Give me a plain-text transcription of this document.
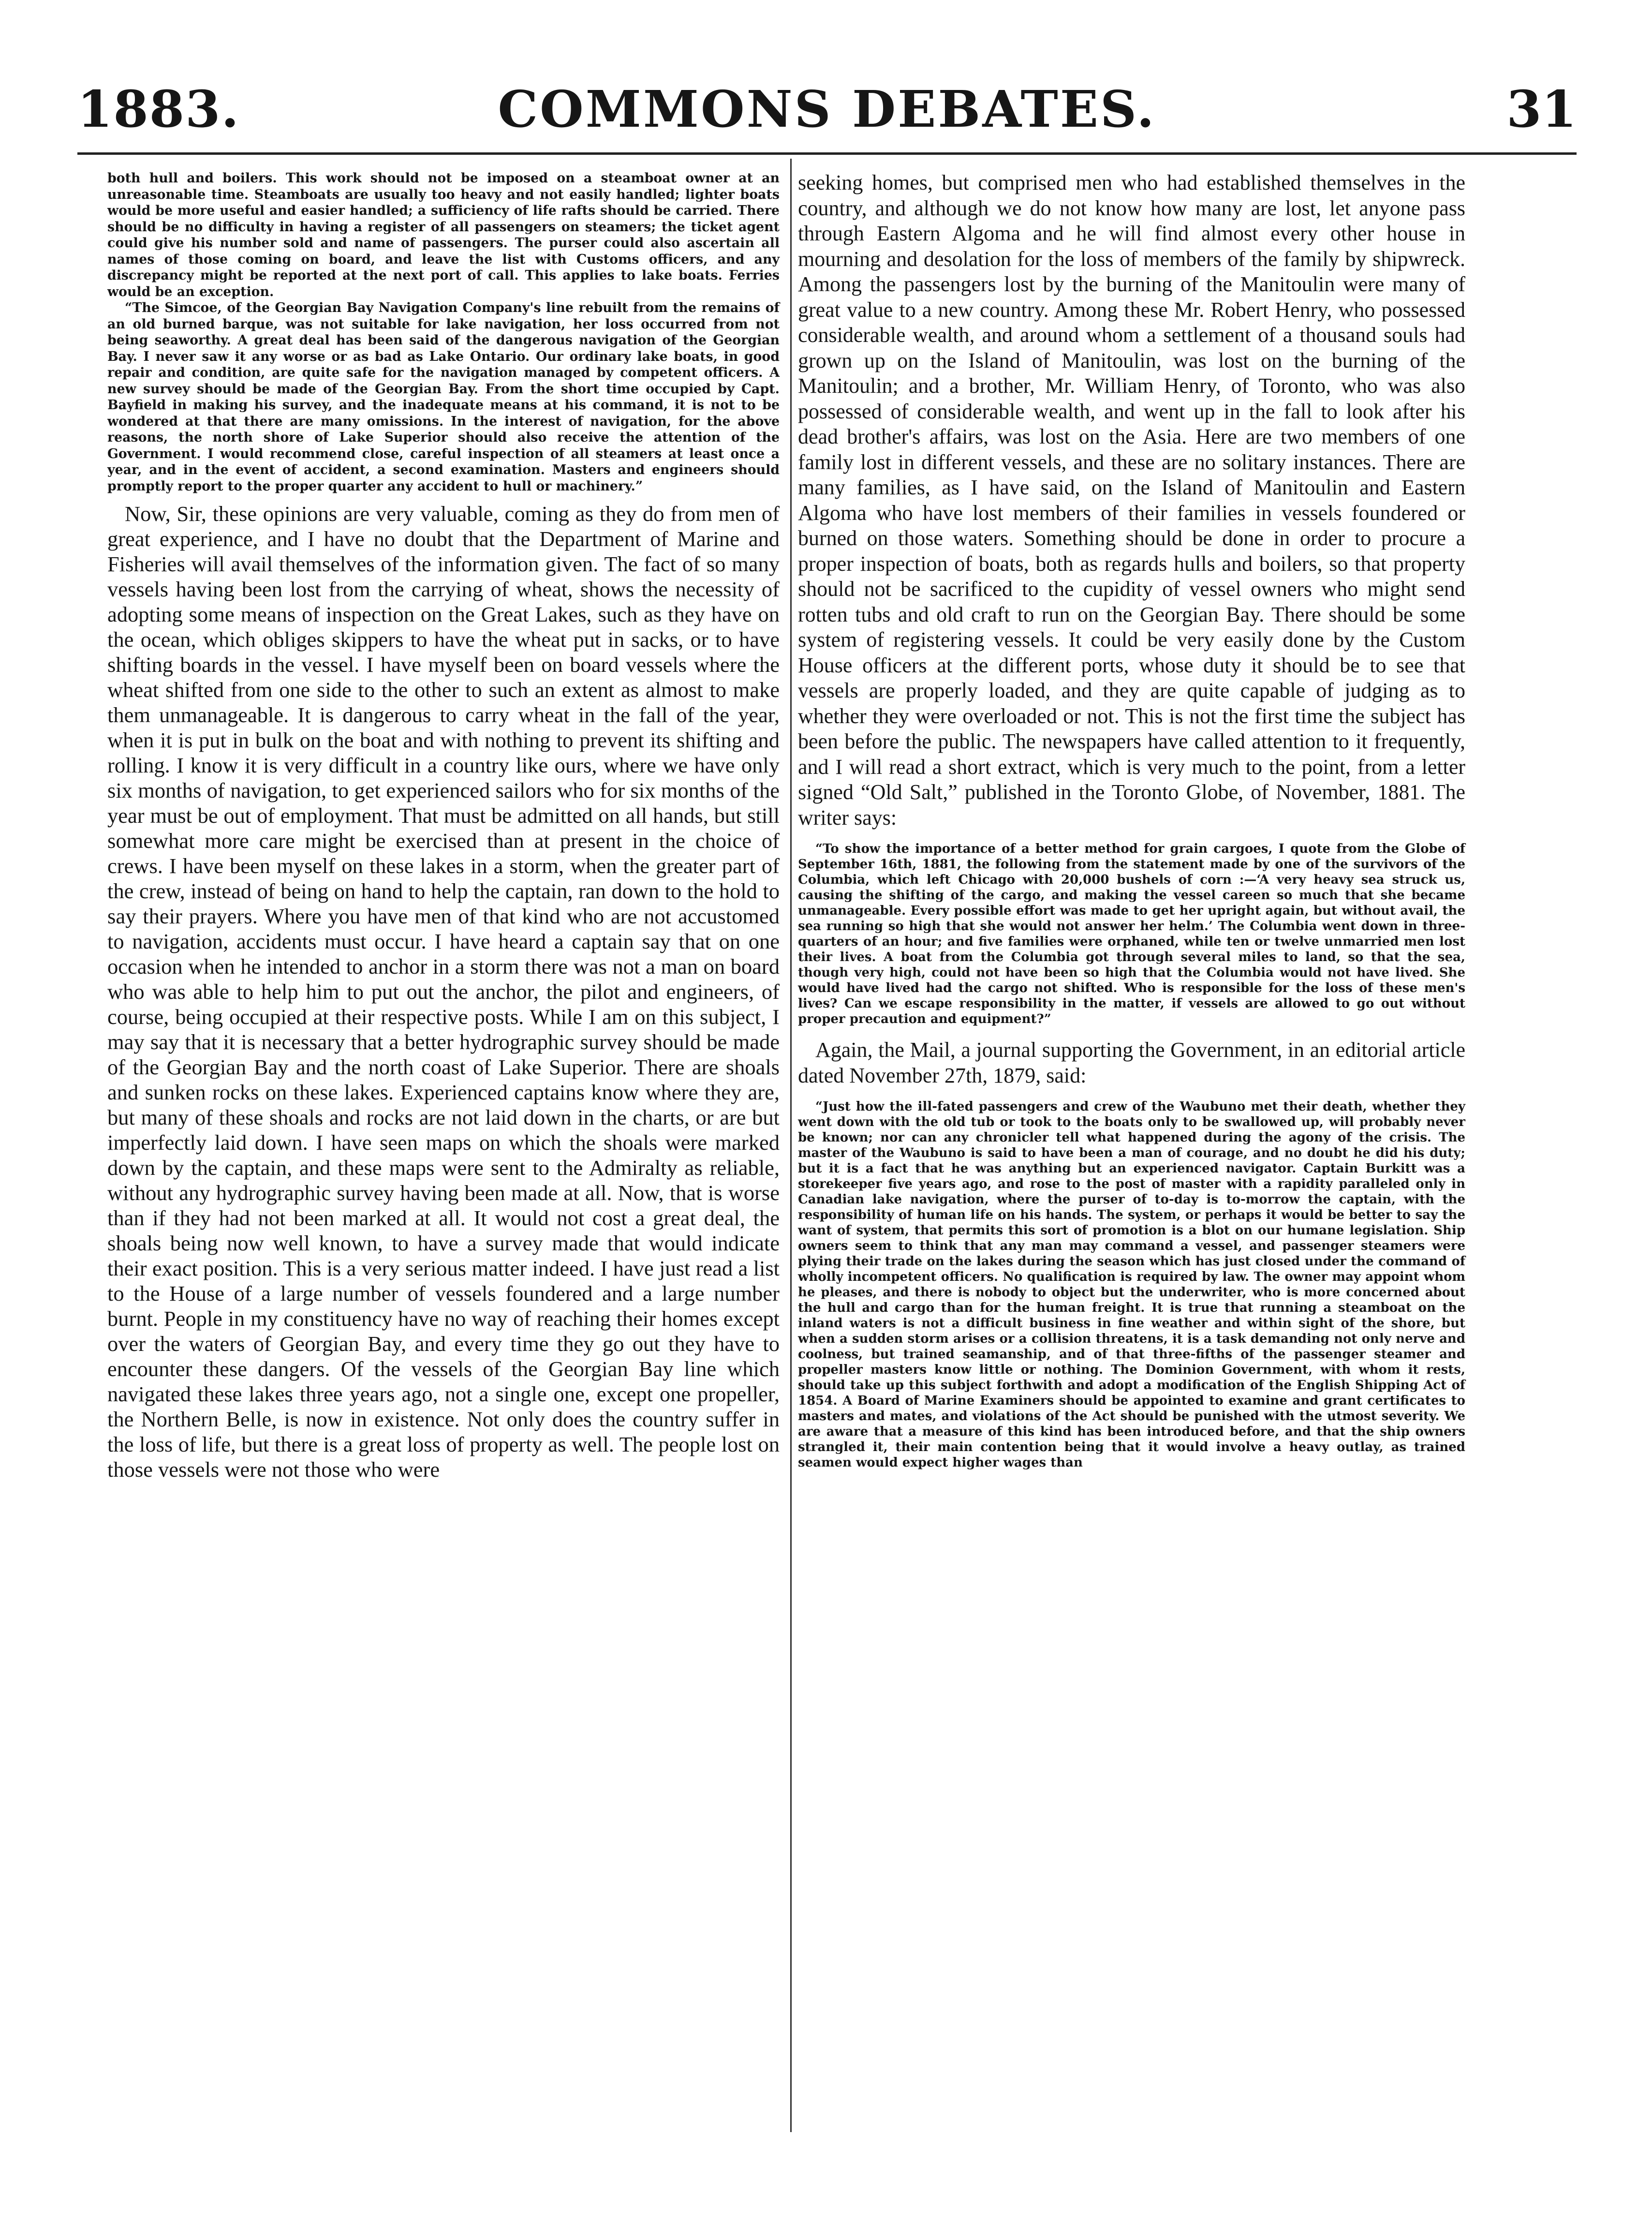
1883.	COMMONS DEBATES.	31

both hull and boilers. This work should not be imposed on a steamboat owner at an unreasonable time. Steamboats are usually too heavy and not easily handled; lighter boats would be more useful and easier handled; a sufficiency of life rafts should be carried. There should be no difficulty in having a register of all passengers on steamers; the ticket agent could give his number sold and name of passengers. The purser could also ascertain all names of those coming on board, and leave the list with Customs officers, and any discrepancy might be reported at the next port of call. This applies to lake boats. Ferries would be an exception.

“The Simcoe, of the Georgian Bay Navigation Company's line rebuilt from the remains of an old burned barque, was not suitable for lake navigation, her loss occurred from not being seaworthy. A great deal has been said of the dangerous navigation of the Georgian Bay. I never saw it any worse or as bad as Lake Ontario. Our ordinary lake boats, in good repair and condition, are quite safe for the navigation managed by competent officers. A new survey should be made of the Georgian Bay. From the short time occupied by Capt. Bayfield in making his survey, and the inadequate means at his command, it is not to be wondered at that there are many omissions. In the interest of navigation, for the above reasons, the north shore of Lake Superior should also receive the attention of the Government. I would recommend close, careful inspection of all steamers at least once a year, and in the event of accident, a second examination. Masters and engineers should promptly report to the proper quarter any accident to hull or machinery.”

Now, Sir, these opinions are very valuable, coming as they do from men of great experience, and I have no doubt that the Department of Marine and Fisheries will avail themselves of the information given. The fact of so many vessels having been lost from the carrying of wheat, shows the necessity of adopting some means of inspection on the Great Lakes, such as they have on the ocean, which obliges skippers to have the wheat put in sacks, or to have shifting boards in the vessel. I have myself been on board vessels where the wheat shifted from one side to the other to such an extent as almost to make them unmanageable. It is dangerous to carry wheat in the fall of the year, when it is put in bulk on the boat and with nothing to prevent its shifting and rolling. I know it is very difficult in a country like ours, where we have only six months of navigation, to get experienced sailors who for six months of the year must be out of employment. That must be admitted on all hands, but still somewhat more care might be exercised than at present in the choice of crews. I have been myself on these lakes in a storm, when the greater part of the crew, instead of being on hand to help the captain, ran down to the hold to say their prayers. Where you have men of that kind who are not accustomed to navigation, accidents must occur. I have heard a captain say that on one occasion when he intended to anchor in a storm there was not a man on board who was able to help him to put out the anchor, the pilot and engineers, of course, being occupied at their respective posts. While I am on this subject, I may say that it is necessary that a better hydrographic survey should be made of the Georgian Bay and the north coast of Lake Superior. There are shoals and sunken rocks on these lakes. Experienced captains know where they are, but many of these shoals and rocks are not laid down in the charts, or are but imperfectly laid down. I have seen maps on which the shoals were marked down by the captain, and these maps were sent to the Admiralty as reliable, without any hydrographic survey having been made at all. Now, that is worse than if they had not been marked at all. It would not cost a great deal, the shoals being now well known, to have a survey made that would indicate their exact position. This is a very serious matter indeed. I have just read a list to the House of a large number of vessels foundered and a large number burnt. People in my constituency have no way of reaching their homes except over the waters of Georgian Bay, and every time they go out they have to encounter these dangers. Of the vessels of the Georgian Bay line which navigated these lakes three years ago, not a single one, except one propeller, the Northern Belle, is now in existence. Not only does the country suffer in the loss of life, but there is a great loss of property as well. The people lost on those vessels were not those who were

seeking homes, but comprised men who had established themselves in the country, and although we do not know how many are lost, let anyone pass through Eastern Algoma and he will find almost every other house in mourning and desolation for the loss of members of the family by shipwreck. Among the passengers lost by the burning of the Manitoulin were many of great value to a new country. Among these Mr. Robert Henry, who possessed considerable wealth, and around whom a settlement of a thousand souls had grown up on the Island of Manitoulin, was lost on the burning of the Manitoulin; and a brother, Mr. William Henry, of Toronto, who was also possessed of considerable wealth, and went up in the fall to look after his dead brother's affairs, was lost on the Asia. Here are two members of one family lost in different vessels, and these are no solitary instances. There are many families, as I have said, on the Island of Manitoulin and Eastern Algoma who have lost members of their families in vessels foundered or burned on those waters. Something should be done in order to procure a proper inspection of boats, both as regards hulls and boilers, so that property should not be sacrificed to the cupidity of vessel owners who might send rotten tubs and old craft to run on the Georgian Bay. There should be some system of registering vessels. It could be very easily done by the Custom House officers at the different ports, whose duty it should be to see that vessels are properly loaded, and they are quite capable of judging as to whether they were overloaded or not. This is not the first time the subject has been before the public. The newspapers have called attention to it frequently, and I will read a short extract, which is very much to the point, from a letter signed “Old Salt,” published in the Toronto Globe, of November, 1881. The writer says:

“To show the importance of a better method for grain cargoes, I quote from the Globe of September 16th, 1881, the following from the statement made by one of the survivors of the Columbia, which left Chicago with 20,000 bushels of corn :—‘A very heavy sea struck us, causing the shifting of the cargo, and making the vessel careen so much that she became unmanageable. Every possible effort was made to get her upright again, but without avail, the sea running so high that she would not answer her helm.’ The Columbia went down in three-quarters of an hour; and five families were orphaned, while ten or twelve unmarried men lost their lives. A boat from the Columbia got through several miles to land, so that the sea, though very high, could not have been so high that the Columbia would not have lived. She would have lived had the cargo not shifted. Who is responsible for the loss of these men's lives? Can we escape responsibility in the matter, if vessels are allowed to go out without proper precaution and equipment?”

Again, the Mail, a journal supporting the Government, in an editorial article dated November 27th, 1879, said:

“Just how the ill-fated passengers and crew of the Waubuno met their death, whether they went down with the old tub or took to the boats only to be swallowed up, will probably never be known; nor can any chronicler tell what happened during the agony of the crisis. The master of the Waubuno is said to have been a man of courage, and no doubt he did his duty; but it is a fact that he was anything but an experienced navigator. Captain Burkitt was a storekeeper five years ago, and rose to the post of master with a rapidity paralleled only in Canadian lake navigation, where the purser of to-day is to-morrow the captain, with the responsibility of human life on his hands. The system, or perhaps it would be better to say the want of system, that permits this sort of promotion is a blot on our humane legislation. Ship owners seem to think that any man may command a vessel, and passenger steamers were plying their trade on the lakes during the season which has just closed under the command of wholly incompetent officers. No qualification is required by law. The owner may appoint whom he pleases, and there is nobody to object but the underwriter, who is more concerned about the hull and cargo than for the human freight. It is true that running a steamboat on the inland waters is not a difficult business in fine weather and within sight of the shore, but when a sudden storm arises or a collision threatens, it is a task demanding not only nerve and coolness, but trained seamanship, and of that three-fifths of the passenger steamer and propeller masters know little or nothing. The Dominion Government, with whom it rests, should take up this subject forthwith and adopt a modification of the English Shipping Act of 1854. A Board of Marine Examiners should be appointed to examine and grant certificates to masters and mates, and violations of the Act should be punished with the utmost severity. We are aware that a measure of this kind has been introduced before, and that the ship owners strangled it, their main contention being that it would involve a heavy outlay, as trained seamen would expect higher wages than
